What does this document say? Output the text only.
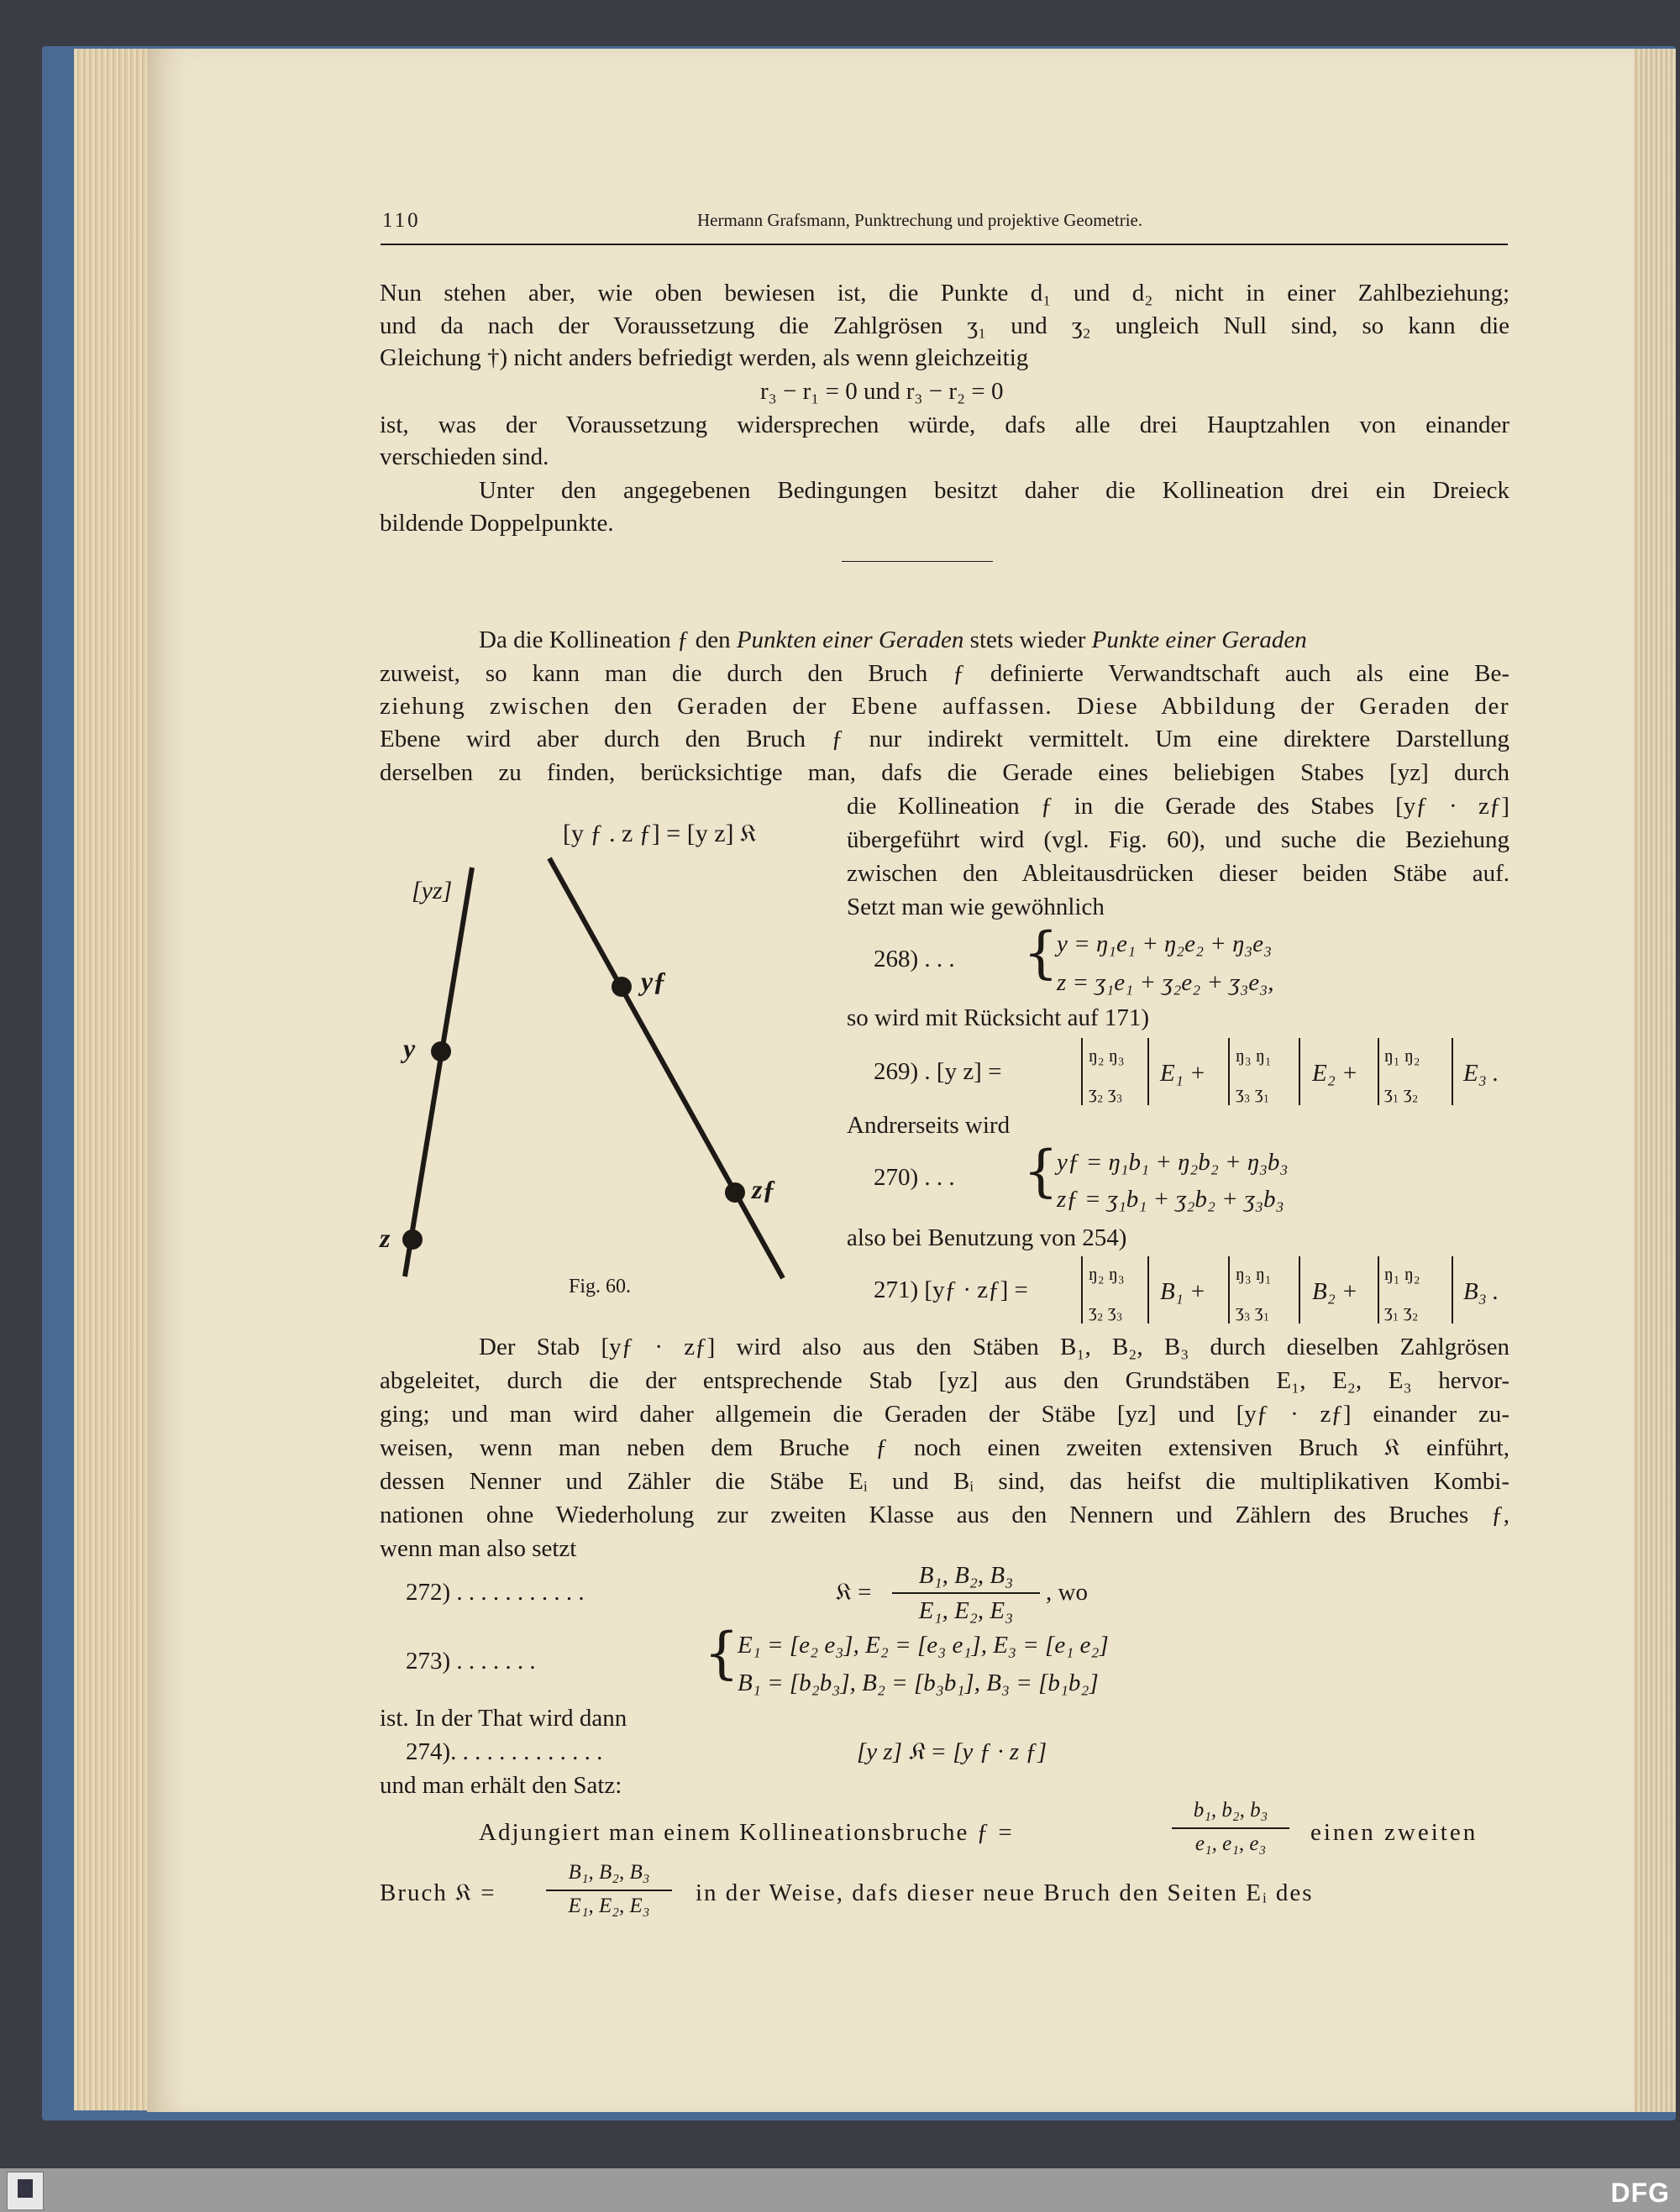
110	Hermann Grafsmann, Punktrechung und projektive Geometrie.
Nun stehen aber, wie oben bewiesen ist, die Punkte d₁ und d₂ nicht in einer Zahlbeziehung;
und da nach der Voraussetzung die Zahlgrösen ʒ₁ und ʒ₂ ungleich Null sind, so kann die
Gleichung †) nicht anders befriedigt werden, als wenn gleichzeitig
r₃ − r₁ = 0 und r₃ − r₂ = 0
ist, was der Voraussetzung widersprechen würde, dafs alle drei Hauptzahlen von einander
verschieden sind.
Unter den angegebenen Bedingungen besitzt daher die Kollineation drei ein Dreieck
bildende Doppelpunkte.
Da die Kollineation ƒ den Punkten einer Geraden stets wieder Punkte einer Geraden
zuweist, so kann man die durch den Bruch ƒ definierte Verwandtschaft auch als eine Be-
ziehung zwischen den Geraden der Ebene auffassen. Diese Abbildung der Geraden der
Ebene wird aber durch den Bruch ƒ nur indirekt vermittelt. Um eine direktere Darstellung
derselben zu finden, berücksichtige man, dafs die Gerade eines beliebigen Stabes [yz] durch
die Kollineation ƒ in die Gerade des Stabes [yƒ · zƒ]
übergeführt wird (vgl. Fig. 60), und suche die Beziehung
zwischen den Ableitausdrücken dieser beiden Stäbe auf.
Setzt man wie gewöhnlich
[y ƒ . z ƒ] = [y z] 𝔎
[yz]
y
z
yƒ
zƒ
Fig. 60.
268) . . . {
y = ŋ₁e₁ + ŋ₂e₂ + ŋ₃e₃
z = ʒ₁e₁ + ʒ₂e₂ + ʒ₃e₃,
so wird mit Rücksicht auf 171)
269) . [y z] =
ŋ₂ ŋ₃
ʒ₂ ʒ₃
E₁ +
ŋ₃ ŋ₁
ʒ₃ ʒ₁
E₂ +
ŋ₁ ŋ₂
ʒ₁ ʒ₂
E₃ .
Andrerseits wird
270) . . . {
yƒ = ŋ₁b₁ + ŋ₂b₂ + ŋ₃b₃
zƒ = ʒ₁b₁ + ʒ₂b₂ + ʒ₃b₃
also bei Benutzung von 254)
271) [yƒ · zƒ] =
ŋ₂ ŋ₃
ʒ₂ ʒ₃
B₁ +
ŋ₃ ŋ₁
ʒ₃ ʒ₁
B₂ +
ŋ₁ ŋ₂
ʒ₁ ʒ₂
B₃ .
Der Stab [yƒ · zƒ] wird also aus den Stäben B₁, B₂, B₃ durch dieselben Zahlgrösen
abgeleitet, durch die der entsprechende Stab [yz] aus den Grundstäben E₁, E₂, E₃ hervor-
ging; und man wird daher allgemein die Geraden der Stäbe [yz] und [yƒ · zƒ] einander zu-
weisen, wenn man neben dem Bruche ƒ noch einen zweiten extensiven Bruch 𝔎 einführt,
dessen Nenner und Zähler die Stäbe Eᵢ und Bᵢ sind, das heifst die multiplikativen Kombi-
nationen ohne Wiederholung zur zweiten Klasse aus den Nennern und Zählern des Bruches ƒ,
wenn man also setzt
272) . . . . . . . . . . .	𝔎 =
B₁, B₂, B₃
E₁, E₂, E₃
, wo
273) . . . . . . .	{
E₁ = [e₂ e₃], E₂ = [e₃ e₁], E₃ = [e₁ e₂]
B₁ = [b₂b₃], B₂ = [b₃b₁], B₃ = [b₁b₂]
ist. In der That wird dann
274). . . . . . . . . . . . .	[y z] 𝔎 = [y ƒ · z ƒ]
und man erhält den Satz:
Adjungiert man einem Kollineationsbruche ƒ =
b₁, b₂, b₃
e₁, e₁, e₃	einen zweiten
Bruch 𝔎 =
B₁, B₂, B₃
E₁, E₂, E₃	in der Weise, dafs dieser neue Bruch den Seiten Eᵢ des
DFG
